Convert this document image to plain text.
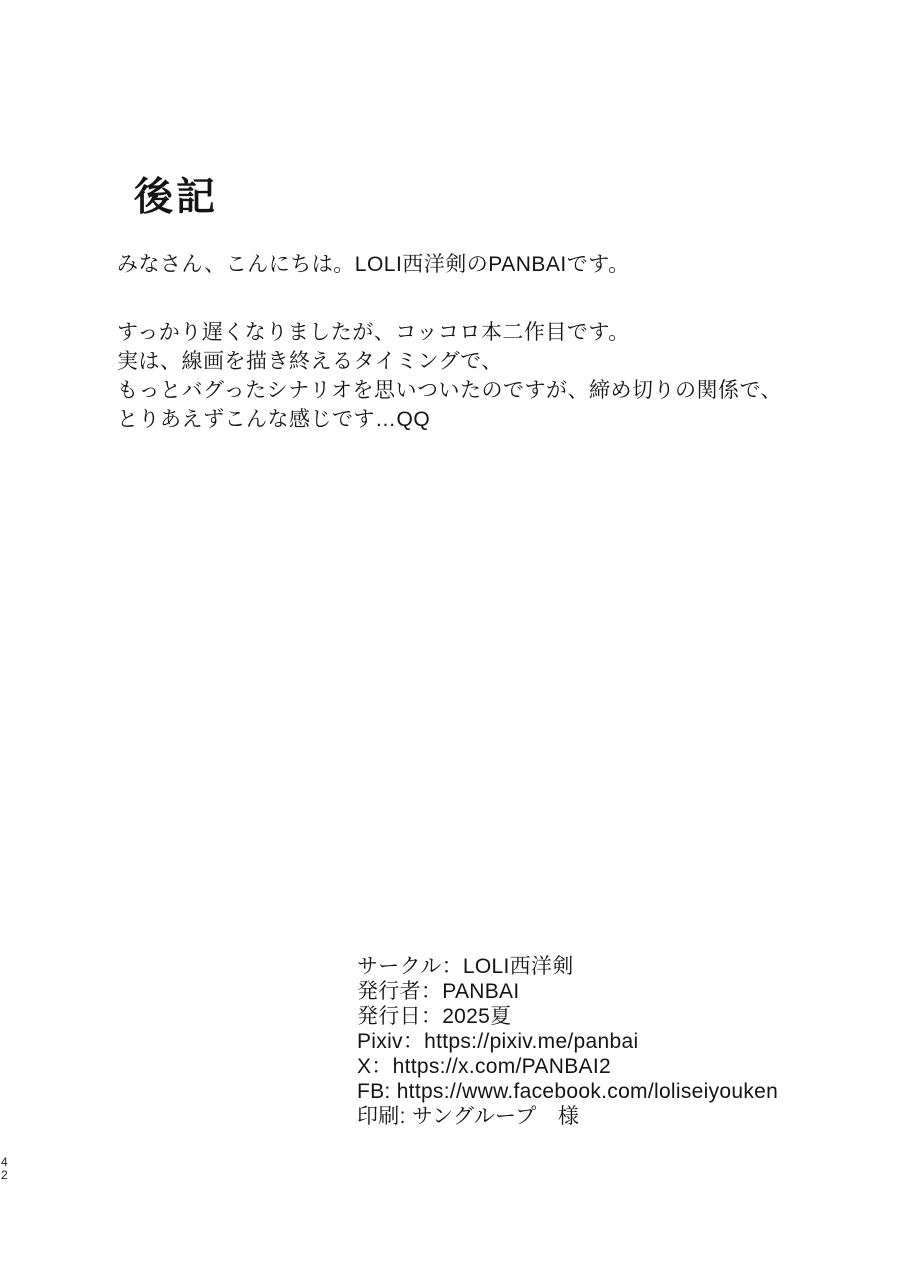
後記

みなさん、こんにちは。LOLI西洋剣のPANBAIです。

すっかり遅くなりましたが、コッコロ本二作目です。

実は、線画を描き終えるタイミングで、

もっとバグったシナリオを思いついたのですが、締め切りの関係で、

とりあえずこんな感じです…QQ

サークル：LOLI西洋剣

発行者：PANBAI

発行日：2025夏

Pixiv：https://pixiv.me/panbai

X：https://x.com/PANBAI2

FB: https://www.facebook.com/loliseiyouken

印刷: サングループ　様

42
